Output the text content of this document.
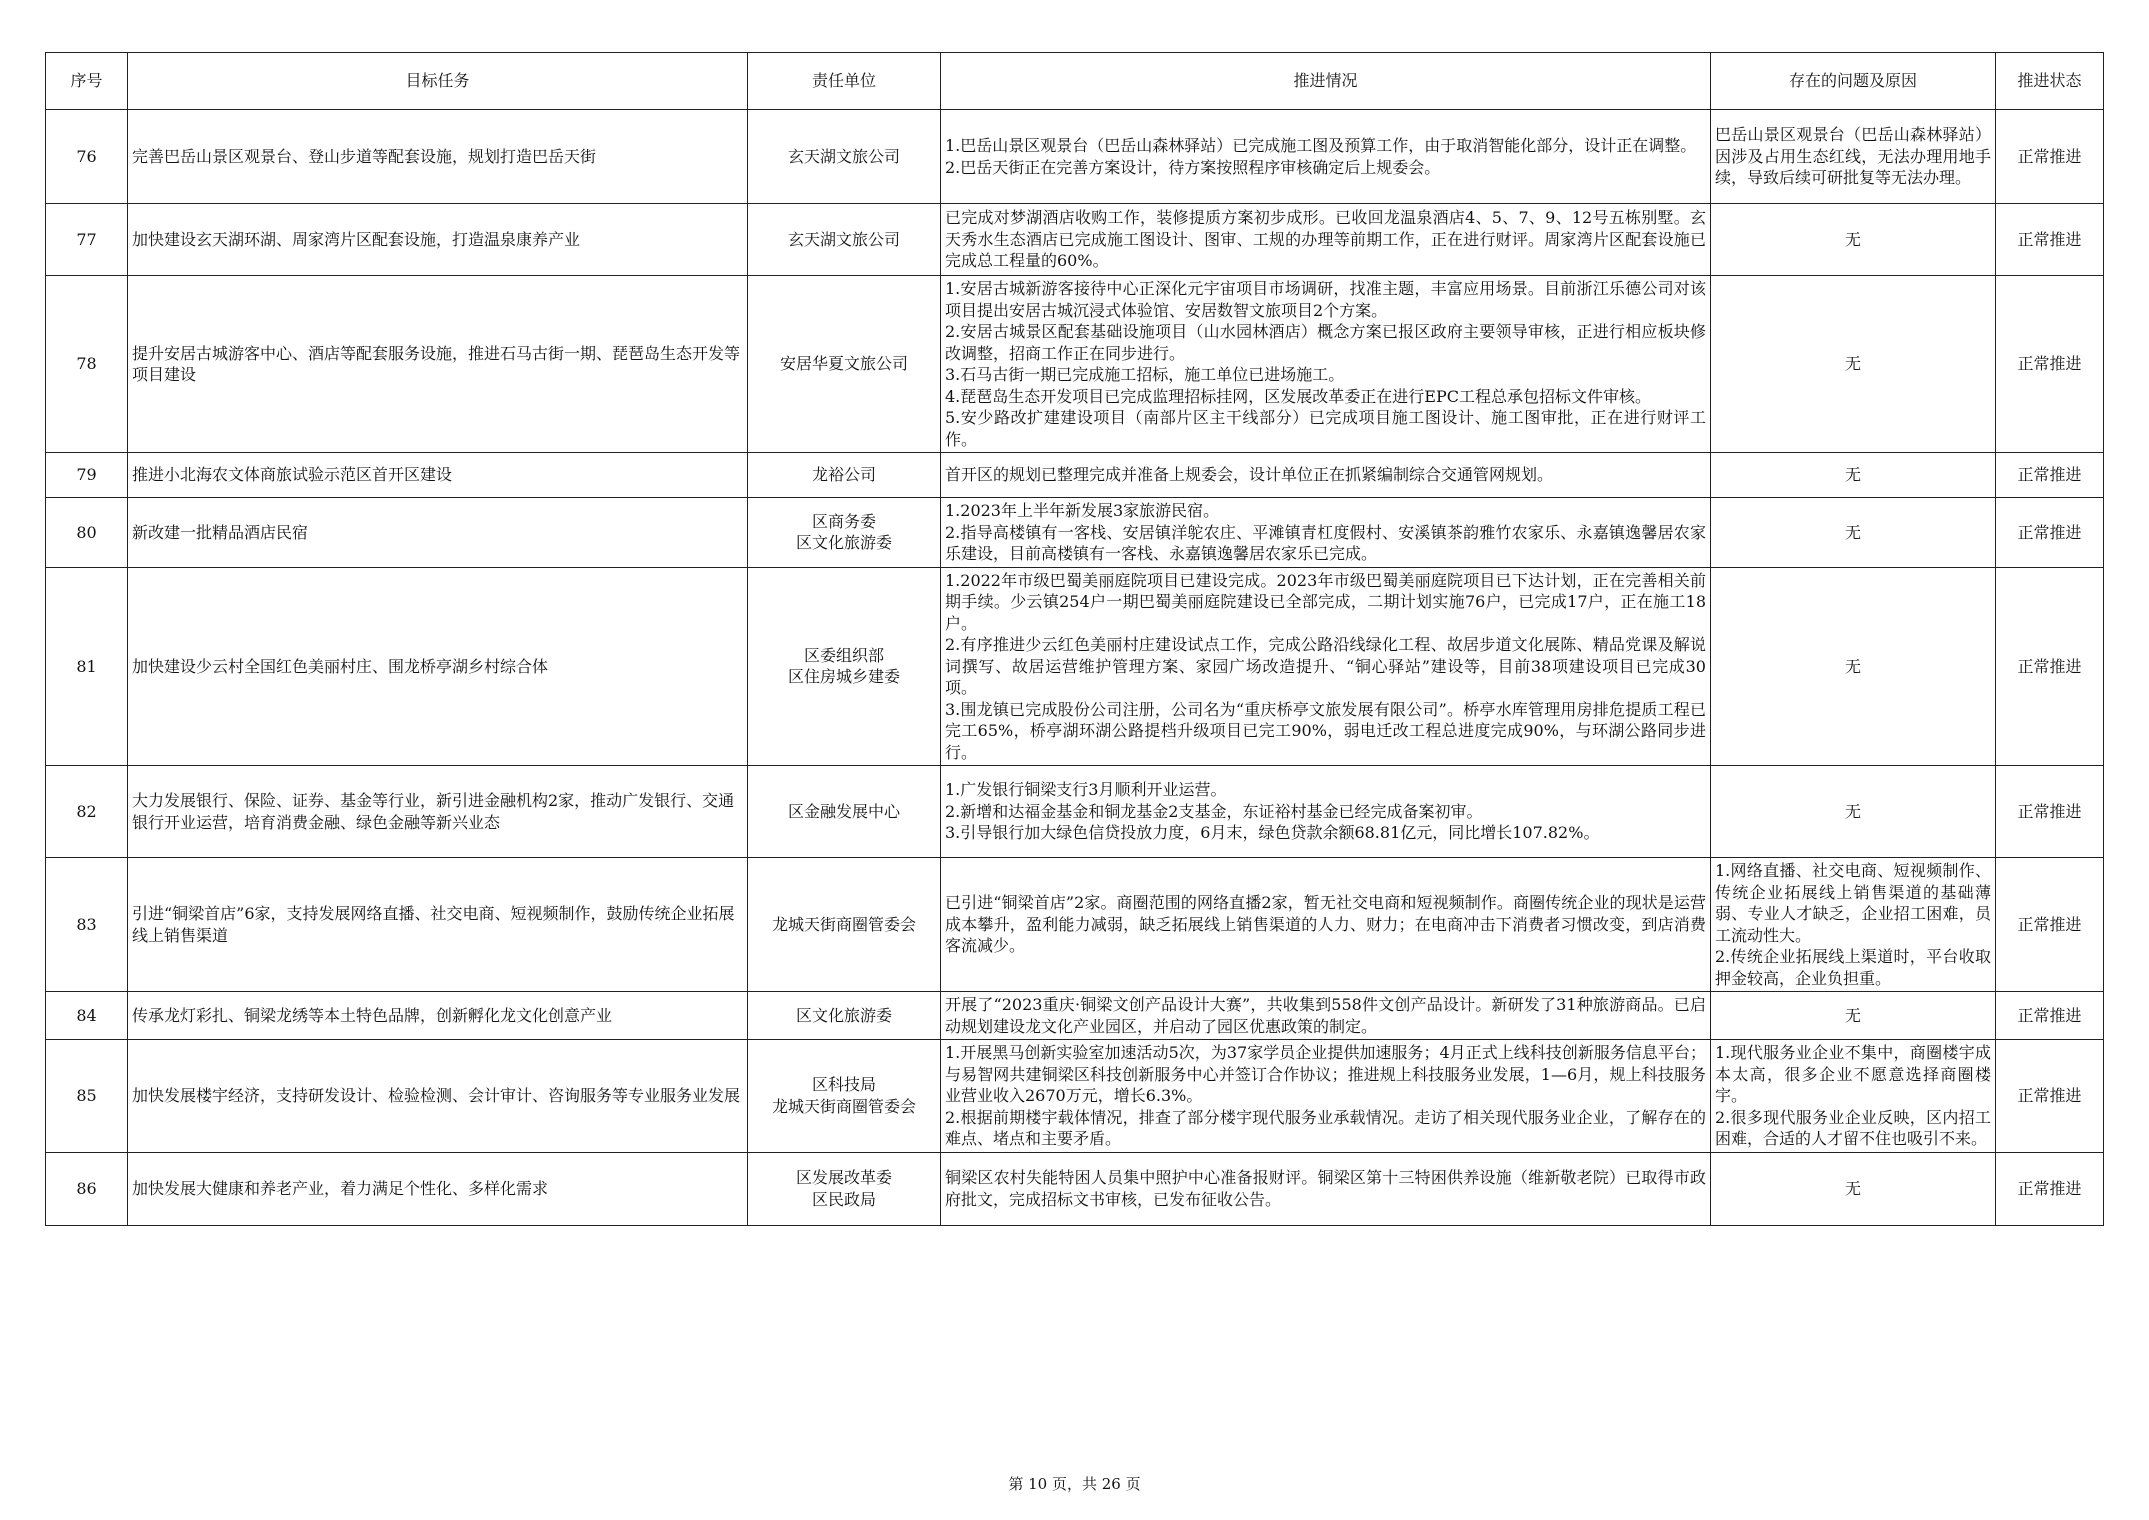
序号	目标任务	责任单位	推进情况	存在的问题及原因	推进状态

76	完善巴岳山景区观景台、登山步道等配套设施，规划打造巴岳天街	玄天湖文旅公司	1.巴岳山景区观景台（巴岳山森林驿站）已完成施工图及预算工作，由于取消智能化部分，设计正在调整。
2.巴岳天街正在完善方案设计，待方案按照程序审核确定后上规委会。	巴岳山景区观景台（巴岳山森林驿站）因涉及占用生态红线，无法办理用地手续，导致后续可研批复等无法办理。	正常推进

77	加快建设玄天湖环湖、周家湾片区配套设施，打造温泉康养产业	玄天湖文旅公司	已完成对梦湖酒店收购工作，装修提质方案初步成形。已收回龙温泉酒店4、5、7、9、12号五栋别墅。玄天秀水生态酒店已完成施工图设计、图审、工规的办理等前期工作，正在进行财评。周家湾片区配套设施已完成总工程量的60%。	无	正常推进

78	提升安居古城游客中心、酒店等配套服务设施，推进石马古街一期、琵琶岛生态开发等项目建设	安居华夏文旅公司	1.安居古城新游客接待中心正深化元宇宙项目市场调研，找准主题，丰富应用场景。目前浙江乐德公司对该项目提出安居古城沉浸式体验馆、安居数智文旅项目2个方案。
2.安居古城景区配套基础设施项目（山水园林酒店）概念方案已报区政府主要领导审核，正进行相应板块修改调整，招商工作正在同步进行。
3.石马古街一期已完成施工招标，施工单位已进场施工。
4.琵琶岛生态开发项目已完成监理招标挂网，区发展改革委正在进行EPC工程总承包招标文件审核。
5.安少路改扩建建设项目（南部片区主干线部分）已完成项目施工图设计、施工图审批，正在进行财评工作。	无	正常推进

79	推进小北海农文体商旅试验示范区首开区建设	龙裕公司	首开区的规划已整理完成并准备上规委会，设计单位正在抓紧编制综合交通管网规划。	无	正常推进

80	新改建一批精品酒店民宿	区商务委
区文化旅游委	1.2023年上半年新发展3家旅游民宿。
2.指导高楼镇有一客栈、安居镇洋鸵农庄、平滩镇青杠度假村、安溪镇茶韵雅竹农家乐、永嘉镇逸馨居农家乐建设，目前高楼镇有一客栈、永嘉镇逸馨居农家乐已完成。	无	正常推进

81	加快建设少云村全国红色美丽村庄、围龙桥亭湖乡村综合体	区委组织部
区住房城乡建委	1.2022年市级巴蜀美丽庭院项目已建设完成。2023年市级巴蜀美丽庭院项目已下达计划，正在完善相关前期手续。少云镇254户一期巴蜀美丽庭院建设已全部完成，二期计划实施76户，已完成17户，正在施工18户。
2.有序推进少云红色美丽村庄建设试点工作，完成公路沿线绿化工程、故居步道文化展陈、精品党课及解说词撰写、故居运营维护管理方案、家园广场改造提升、“铜心驿站”建设等，目前38项建设项目已完成30项。
3.围龙镇已完成股份公司注册，公司名为“重庆桥亭文旅发展有限公司”。桥亭水库管理用房排危提质工程已完工65%，桥亭湖环湖公路提档升级项目已完工90%，弱电迁改工程总进度完成90%，与环湖公路同步进行。	无	正常推进

82	大力发展银行、保险、证券、基金等行业，新引进金融机构2家，推动广发银行、交通银行开业运营，培育消费金融、绿色金融等新兴业态	区金融发展中心	1.广发银行铜梁支行3月顺利开业运营。
2.新增和达福金基金和铜龙基金2支基金，东证裕村基金已经完成备案初审。
3.引导银行加大绿色信贷投放力度，6月末，绿色贷款余额68.81亿元，同比增长107.82%。	无	正常推进

83	引进“铜梁首店”6家，支持发展网络直播、社交电商、短视频制作，鼓励传统企业拓展线上销售渠道	龙城天街商圈管委会	已引进“铜梁首店”2家。商圈范围的网络直播2家，暂无社交电商和短视频制作。商圈传统企业的现状是运营成本攀升，盈利能力减弱，缺乏拓展线上销售渠道的人力、财力；在电商冲击下消费者习惯改变，到店消费客流减少。	1.网络直播、社交电商、短视频制作、传统企业拓展线上销售渠道的基础薄弱、专业人才缺乏，企业招工困难，员工流动性大。
2.传统企业拓展线上渠道时，平台收取押金较高，企业负担重。	正常推进

84	传承龙灯彩扎、铜梁龙绣等本土特色品牌，创新孵化龙文化创意产业	区文化旅游委	开展了“2023重庆·铜梁文创产品设计大赛”，共收集到558件文创产品设计。新研发了31种旅游商品。已启动规划建设龙文化产业园区，并启动了园区优惠政策的制定。	无	正常推进

85	加快发展楼宇经济，支持研发设计、检验检测、会计审计、咨询服务等专业服务业发展	区科技局
龙城天街商圈管委会	1.开展黑马创新实验室加速活动5次，为37家学员企业提供加速服务；4月正式上线科技创新服务信息平台；与易智网共建铜梁区科技创新服务中心并签订合作协议；推进规上科技服务业发展，1—6月，规上科技服务业营业收入2670万元，增长6.3%。
2.根据前期楼宇载体情况，排查了部分楼宇现代服务业承载情况。走访了相关现代服务业企业，了解存在的难点、堵点和主要矛盾。	1.现代服务业企业不集中，商圈楼宇成本太高，很多企业不愿意选择商圈楼宇。
2.很多现代服务业企业反映，区内招工困难，合适的人才留不住也吸引不来。	正常推进

86	加快发展大健康和养老产业，着力满足个性化、多样化需求	区发展改革委
区民政局	铜梁区农村失能特困人员集中照护中心准备报财评。铜梁区第十三特困供养设施（维新敬老院）已取得市政府批文，完成招标文书审核，已发布征收公告。	无	正常推进
第 10 页，共 26 页
